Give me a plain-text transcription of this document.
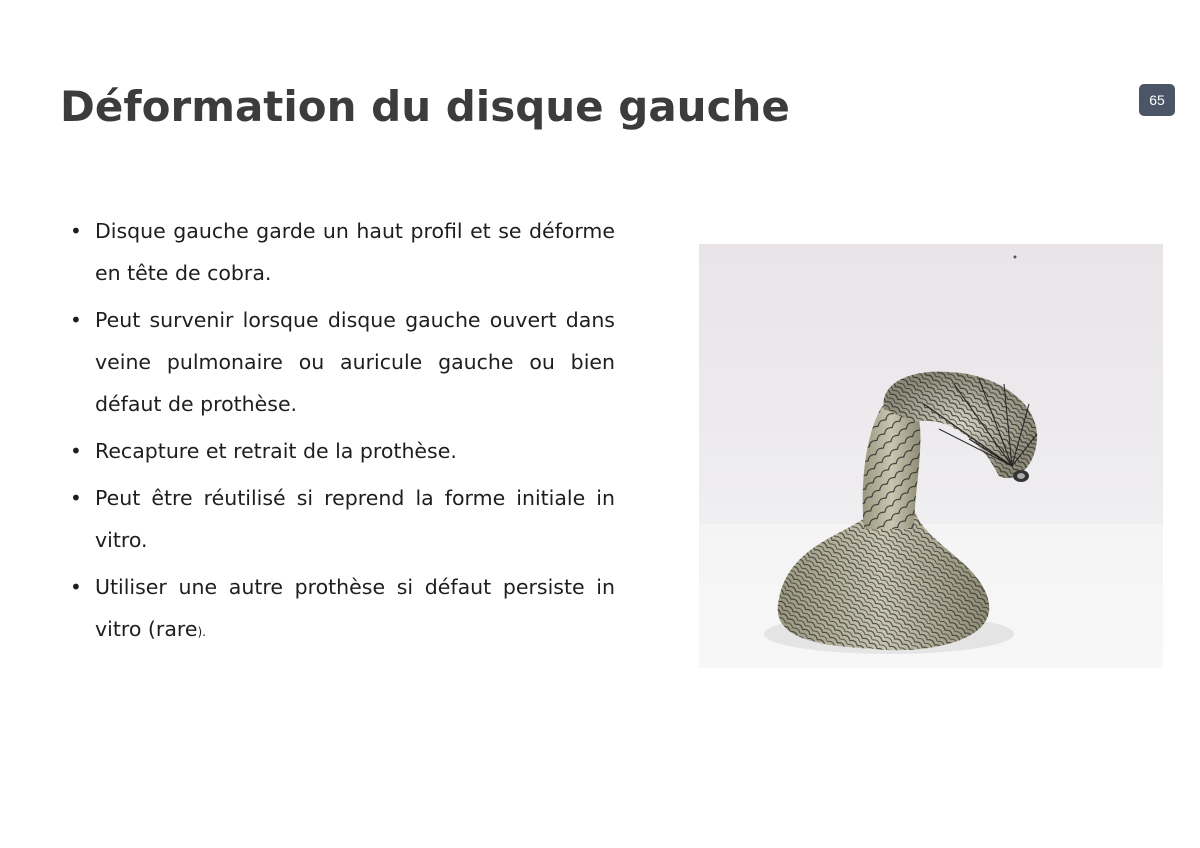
Déformation du disque gauche	65
• Disque gauche garde un haut profil et se déforme en tête de cobra.
• Peut survenir lorsque disque gauche ouvert dans veine pulmonaire ou auricule gauche ou bien défaut de prothèse.
• Recapture et retrait de la prothèse.
• Peut être réutilisé si reprend la forme initiale in vitro.
• Utiliser une autre prothèse si défaut persiste in vitro (rare).
